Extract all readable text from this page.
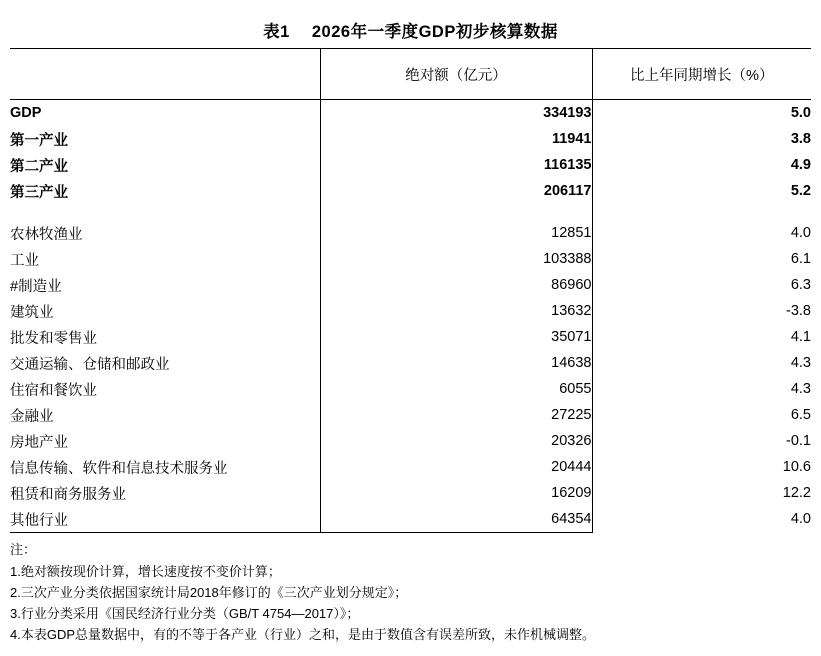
表1 2026年一季度GDP初步核算数据
	绝对额（亿元）	比上年同期增长（%）
GDP	334193	5.0
第一产业	11941	3.8
第二产业	116135	4.9
第三产业	206117	5.2

农林牧渔业	12851	4.0
工业	103388	6.1
#制造业	86960	6.3
建筑业	13632	-3.8
批发和零售业	35071	4.1
交通运输、仓储和邮政业	14638	4.3
住宿和餐饮业	6055	4.3
金融业	27225	6.5
房地产业	20326	-0.1
信息传输、软件和信息技术服务业	20444	10.6
租赁和商务服务业	16209	12.2
其他行业	64354	4.0
注：
1.绝对额按现价计算，增长速度按不变价计算；
2.三次产业分类依据国家统计局2018年修订的《三次产业划分规定》；
3.行业分类采用《国民经济行业分类（GB/T 4754—2017）》；
4.本表GDP总量数据中，有的不等于各产业（行业）之和，是由于数值含有误差所致，未作机械调整。
